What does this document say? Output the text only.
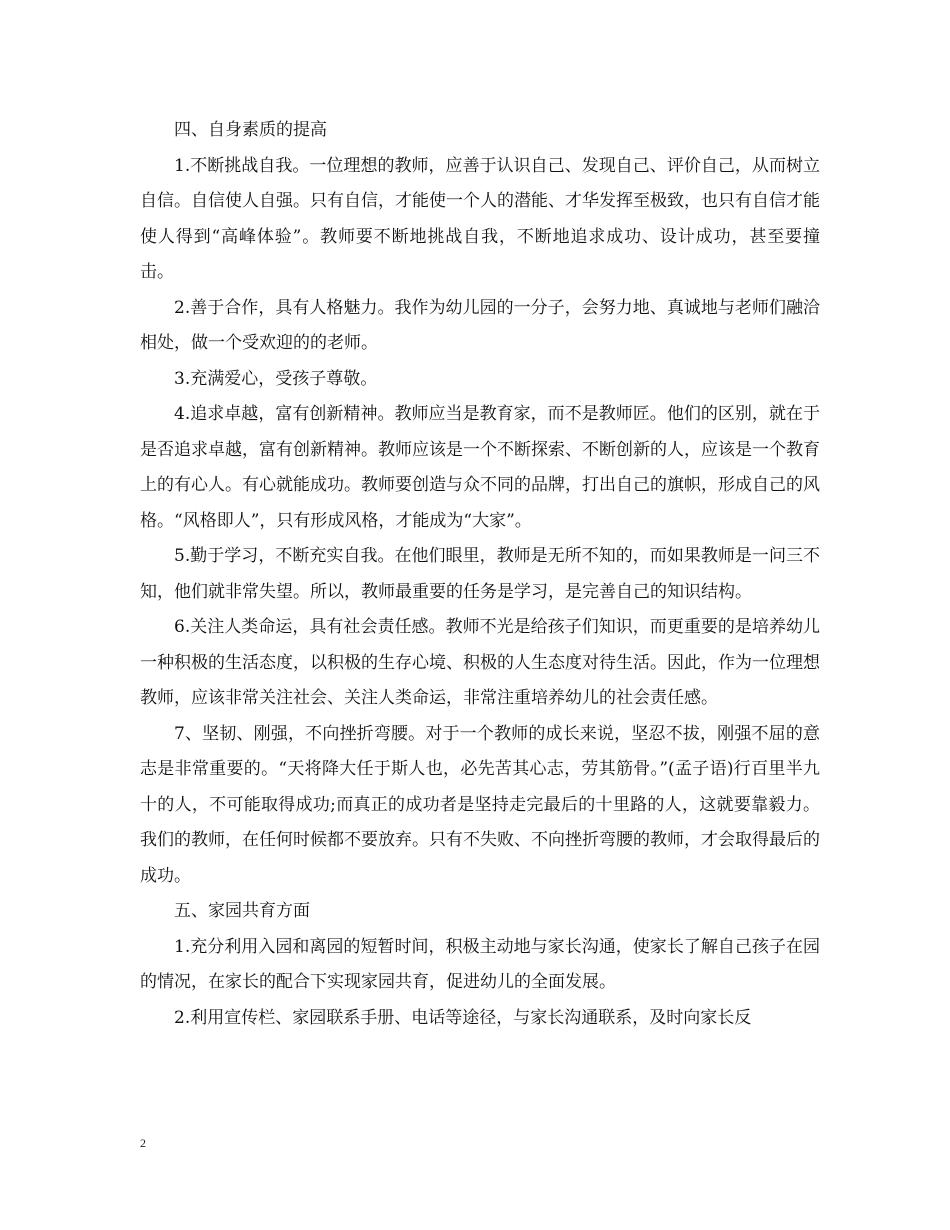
四、自身素质的提高

1.不断挑战自我。一位理想的教师，应善于认识自己、发现自己、评价自己，从而树立自信。自信使人自强。只有自信，才能使一个人的潜能、才华发挥至极致，也只有自信才能使人得到“高峰体验”。教师要不断地挑战自我，不断地追求成功、设计成功，甚至要撞击。

2.善于合作，具有人格魅力。我作为幼儿园的一分子，会努力地、真诚地与老师们融洽相处，做一个受欢迎的的老师。

3.充满爱心，受孩子尊敬。

4.追求卓越，富有创新精神。教师应当是教育家，而不是教师匠。他们的区别，就在于是否追求卓越，富有创新精神。教师应该是一个不断探索、不断创新的人，应该是一个教育上的有心人。有心就能成功。教师要创造与众不同的品牌，打出自己的旗帜，形成自己的风格。“风格即人”，只有形成风格，才能成为“大家”。

5.勤于学习，不断充实自我。在他们眼里，教师是无所不知的，而如果教师是一问三不知，他们就非常失望。所以，教师最重要的任务是学习，是完善自己的知识结构。

6.关注人类命运，具有社会责任感。教师不光是给孩子们知识，而更重要的是培养幼儿一种积极的生活态度，以积极的生存心境、积极的人生态度对待生活。因此，作为一位理想教师，应该非常关注社会、关注人类命运，非常注重培养幼儿的社会责任感。

7、坚韧、刚强，不向挫折弯腰。对于一个教师的成长来说，坚忍不拔，刚强不屈的意志是非常重要的。“天将降大任于斯人也，必先苦其心志，劳其筋骨。”(孟子语)行百里半九十的人，不可能取得成功;而真正的成功者是坚持走完最后的十里路的人，这就要靠毅力。我们的教师，在任何时候都不要放弃。只有不失败、不向挫折弯腰的教师，才会取得最后的成功。

五、家园共育方面

1.充分利用入园和离园的短暂时间，积极主动地与家长沟通，使家长了解自己孩子在园的情况，在家长的配合下实现家园共育，促进幼儿的全面发展。

2.利用宣传栏、家园联系手册、电话等途径，与家长沟通联系，及时向家长反

2
